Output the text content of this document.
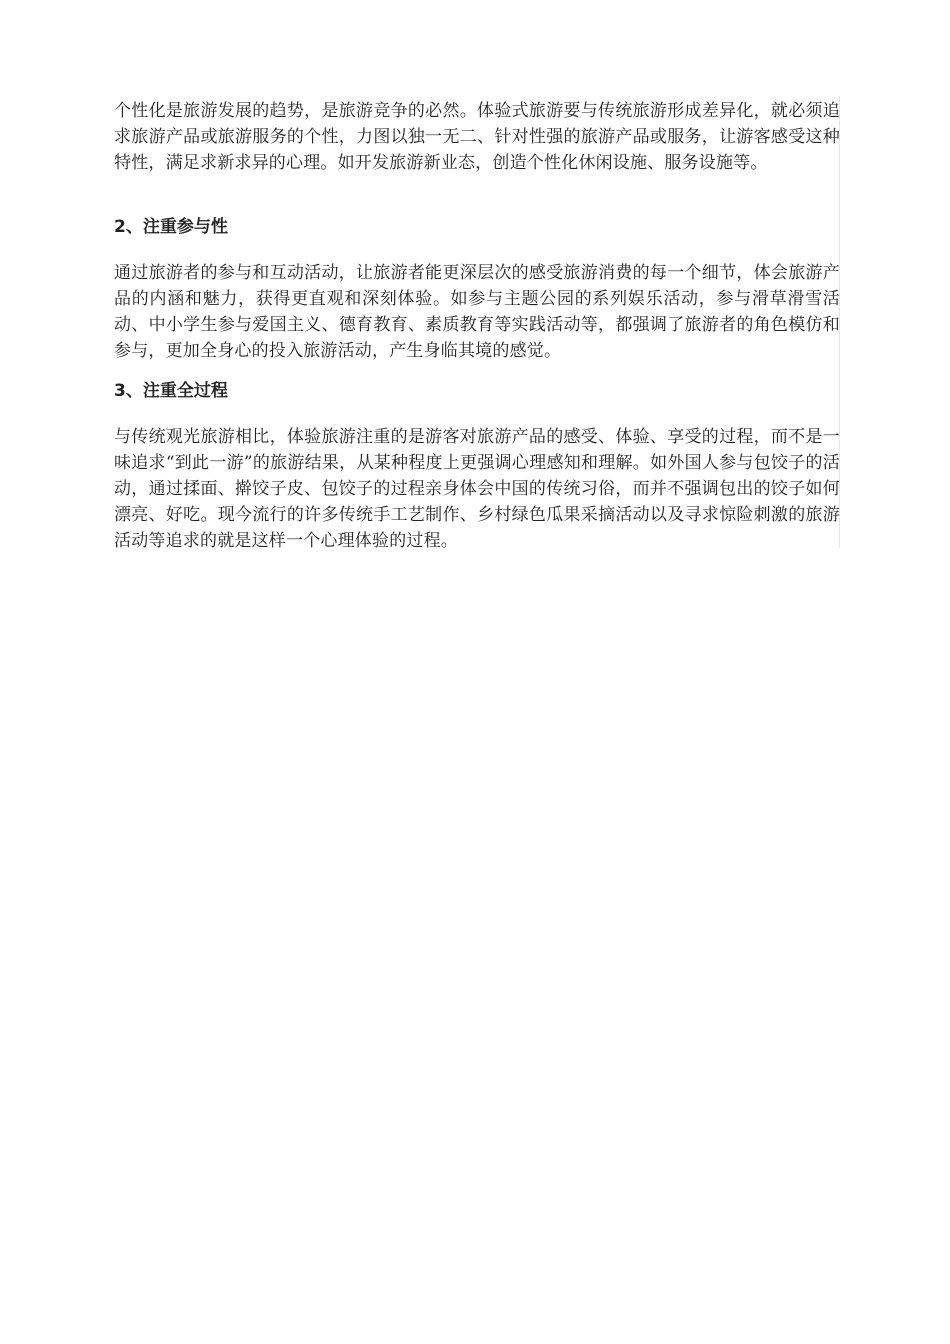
个性化是旅游发展的趋势，是旅游竞争的必然。体验式旅游要与传统旅游形成差异化，就必须追求旅游产品或旅游服务的个性，力图以独一无二、针对性强的旅游产品或服务，让游客感受这种特性，满足求新求异的心理。如开发旅游新业态，创造个性化休闲设施、服务设施等。

2、注重参与性

通过旅游者的参与和互动活动，让旅游者能更深层次的感受旅游消费的每一个细节，体会旅游产品的内涵和魅力，获得更直观和深刻体验。如参与主题公园的系列娱乐活动，参与滑草滑雪活动、中小学生参与爱国主义、德育教育、素质教育等实践活动等，都强调了旅游者的角色模仿和参与，更加全身心的投入旅游活动，产生身临其境的感觉。

3、注重全过程

与传统观光旅游相比，体验旅游注重的是游客对旅游产品的感受、体验、享受的过程，而不是一味追求“到此一游”的旅游结果，从某种程度上更强调心理感知和理解。如外国人参与包饺子的活动，通过揉面、擀饺子皮、包饺子的过程亲身体会中国的传统习俗，而并不强调包出的饺子如何漂亮、好吃。现今流行的许多传统手工艺制作、乡村绿色瓜果采摘活动以及寻求惊险刺激的旅游活动等追求的就是这样一个心理体验的过程。
